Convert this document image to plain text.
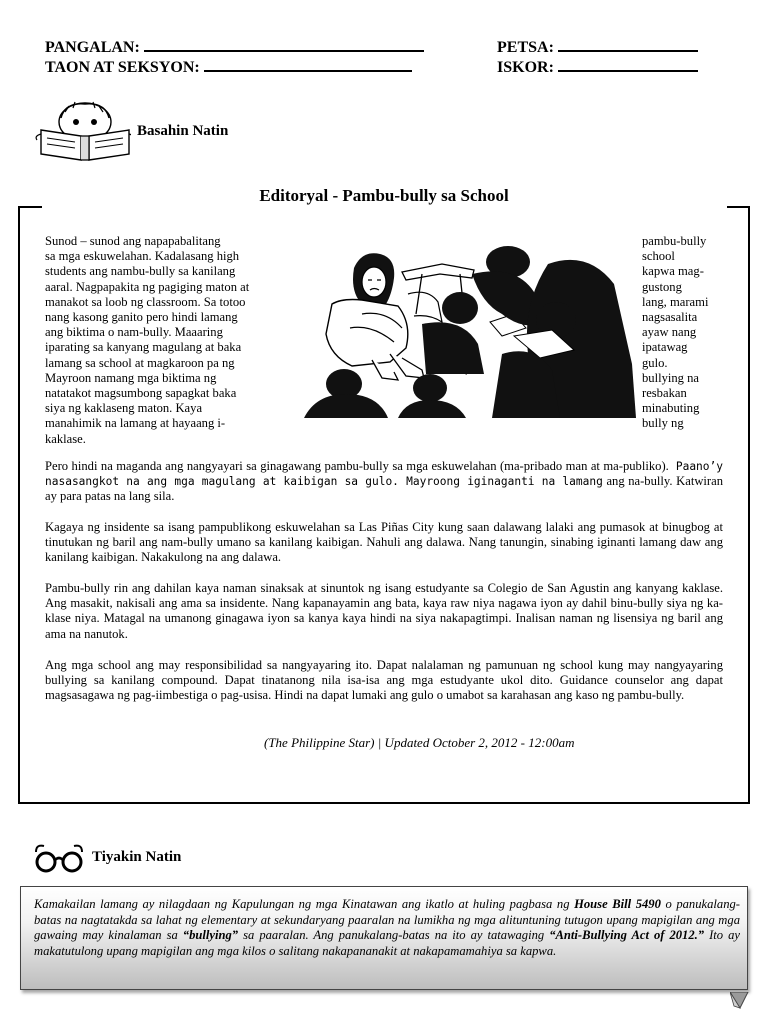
PANGALAN:
TAON AT SEKSYON:
PETSA:
ISKOR:
Basahin Natin
Editoryal - Pambu-bully sa School
Sunod – sunod ang napapabalitang
sa mga eskuwelahan. Kadalasang high
students ang nambu-bully sa kanilang
aaral. Nagpapakita ng pagiging maton at
manakot sa loob ng classroom. Sa totoo
nang kasong ganito pero hindi lamang
ang biktima o nam-bully. Maaaring
iparating sa kanyang magulang at baka
lamang sa school at magkaroon pa ng
Mayroon namang mga biktima ng
natatakot magsumbong sapagkat baka
siya ng kaklaseng maton. Kaya
manahimik na lamang at hayaang i-
kaklase.
pambu-bully
school
kapwa mag-
gustong
lang, marami
nagsasalita
ayaw nang
ipatawag
gulo.
bullying na
resbakan
minabuting
bully ng
Pero hindi na maganda ang nangyayari sa ginagawang pambu-bully sa mga eskuwelahan (ma-pribado man at ma-publiko). Paano’y nasasangkot na ang mga magulang at kaibigan sa gulo. Mayroong iginaganti na lamang ang na-bully. Katwiran ay para patas na lang sila.
Kagaya ng insidente sa isang pampublikong eskuwelahan sa Las Piñas City kung saan dalawang lalaki ang pumasok at binugbog at tinutukan ng baril ang nam-bully umano sa kanilang kaibigan. Nahuli ang dalawa. Nang tanungin, sinabing iginanti lamang daw ang kanilang kaibigan. Nakakulong na ang dalawa.
Pambu-bully rin ang dahilan kaya naman sinaksak at sinuntok ng isang estudyante sa Colegio de San Agustin ang kanyang kaklase. Ang masakit, nakisali ang ama sa insidente. Nang kapanayamin ang bata, kaya raw niya nagawa iyon ay dahil binu-bully siya ng ka-klase niya. Matagal na umanong ginagawa iyon sa kanya kaya hindi na siya nakapagtimpi. Inalisan naman ng lisensiya ng baril ang ama na nanutok.
Ang mga school ang may responsibilidad sa nangyayaring ito. Dapat nalalaman ng pamunuan ng school kung may nangyayaring bullying sa kanilang compound. Dapat tinatanong nila isa-isa ang mga estudyante ukol dito. Guidance counselor ang dapat magsasagawa ng pag-iimbestiga o pag-usisa. Hindi na dapat lumaki ang gulo o umabot sa karahasan ang kaso ng pambu-bully.
(The Philippine Star) | Updated October 2, 2012 - 12:00am
Tiyakin Natin
Kamakailan lamang ay nilagdaan ng Kapulungan ng mga Kinatawan ang ikatlo at huling pagbasa ng House Bill 5490 o panukalang-batas na nagtatakda sa lahat ng elementary at sekundaryang paaralan na lumikha ng mga alituntuning tutugon upang mapigilan ang mga gawaing may kinalaman sa “bullying” sa paaralan. Ang panukalang-batas na ito ay tatawaging “Anti-Bullying Act of 2012.” Ito ay makatutulong upang mapigilan ang mga kilos o salitang nakapananakit at nakapamamahiya sa kapwa.
